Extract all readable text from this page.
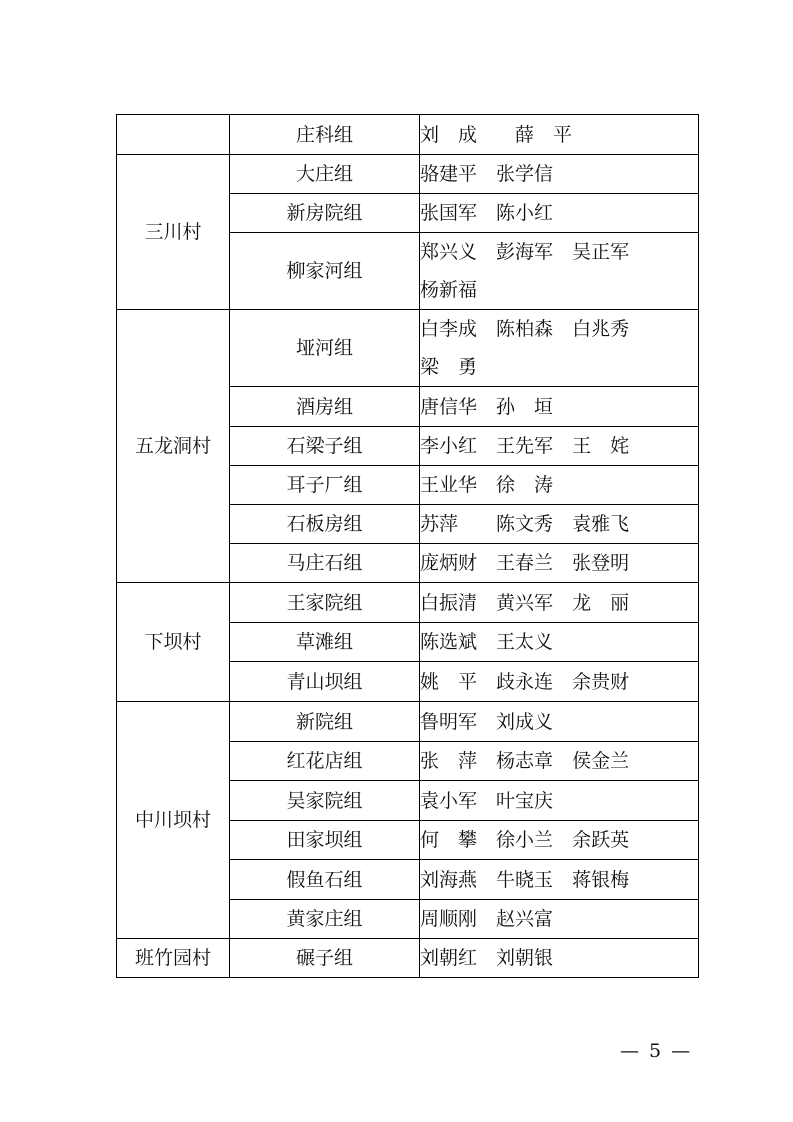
	庄科组	刘　成　　 薛　平
三川村	大庄组	骆建平　 张学信
	新房院组	张国军　 陈小红
	柳家河组	郑兴义　 彭海军　 吴正军
杨新福
五龙洞村	垭河组	白李成　 陈柏森　 白兆秀
梁　勇
	酒房组	唐信华　 孙　垣
	石梁子组	李小红　 王先军　 王　姹
	耳子厂组	王业华　 徐　涛
	石板房组	苏萍　　陈文秀　 袁雅飞
	马庄石组	庞炳财　 王春兰　 张登明
下坝村	王家院组	白振清　 黄兴军　 龙　丽
	草滩组	陈选斌　 王太义
	青山坝组	姚　平　 歧永连　 余贵财
中川坝村	新院组	鲁明军　 刘成义
	红花店组	张　萍　 杨志章　 侯金兰
	吴家院组	袁小军　 叶宝庆
	田家坝组	何　攀　 徐小兰　 余跃英
	假鱼石组	刘海燕　 牛晓玉　 蒋银梅
	黄家庄组	周顺刚　 赵兴富
班竹园村	碾子组	刘朝红　 刘朝银
— 5 —
